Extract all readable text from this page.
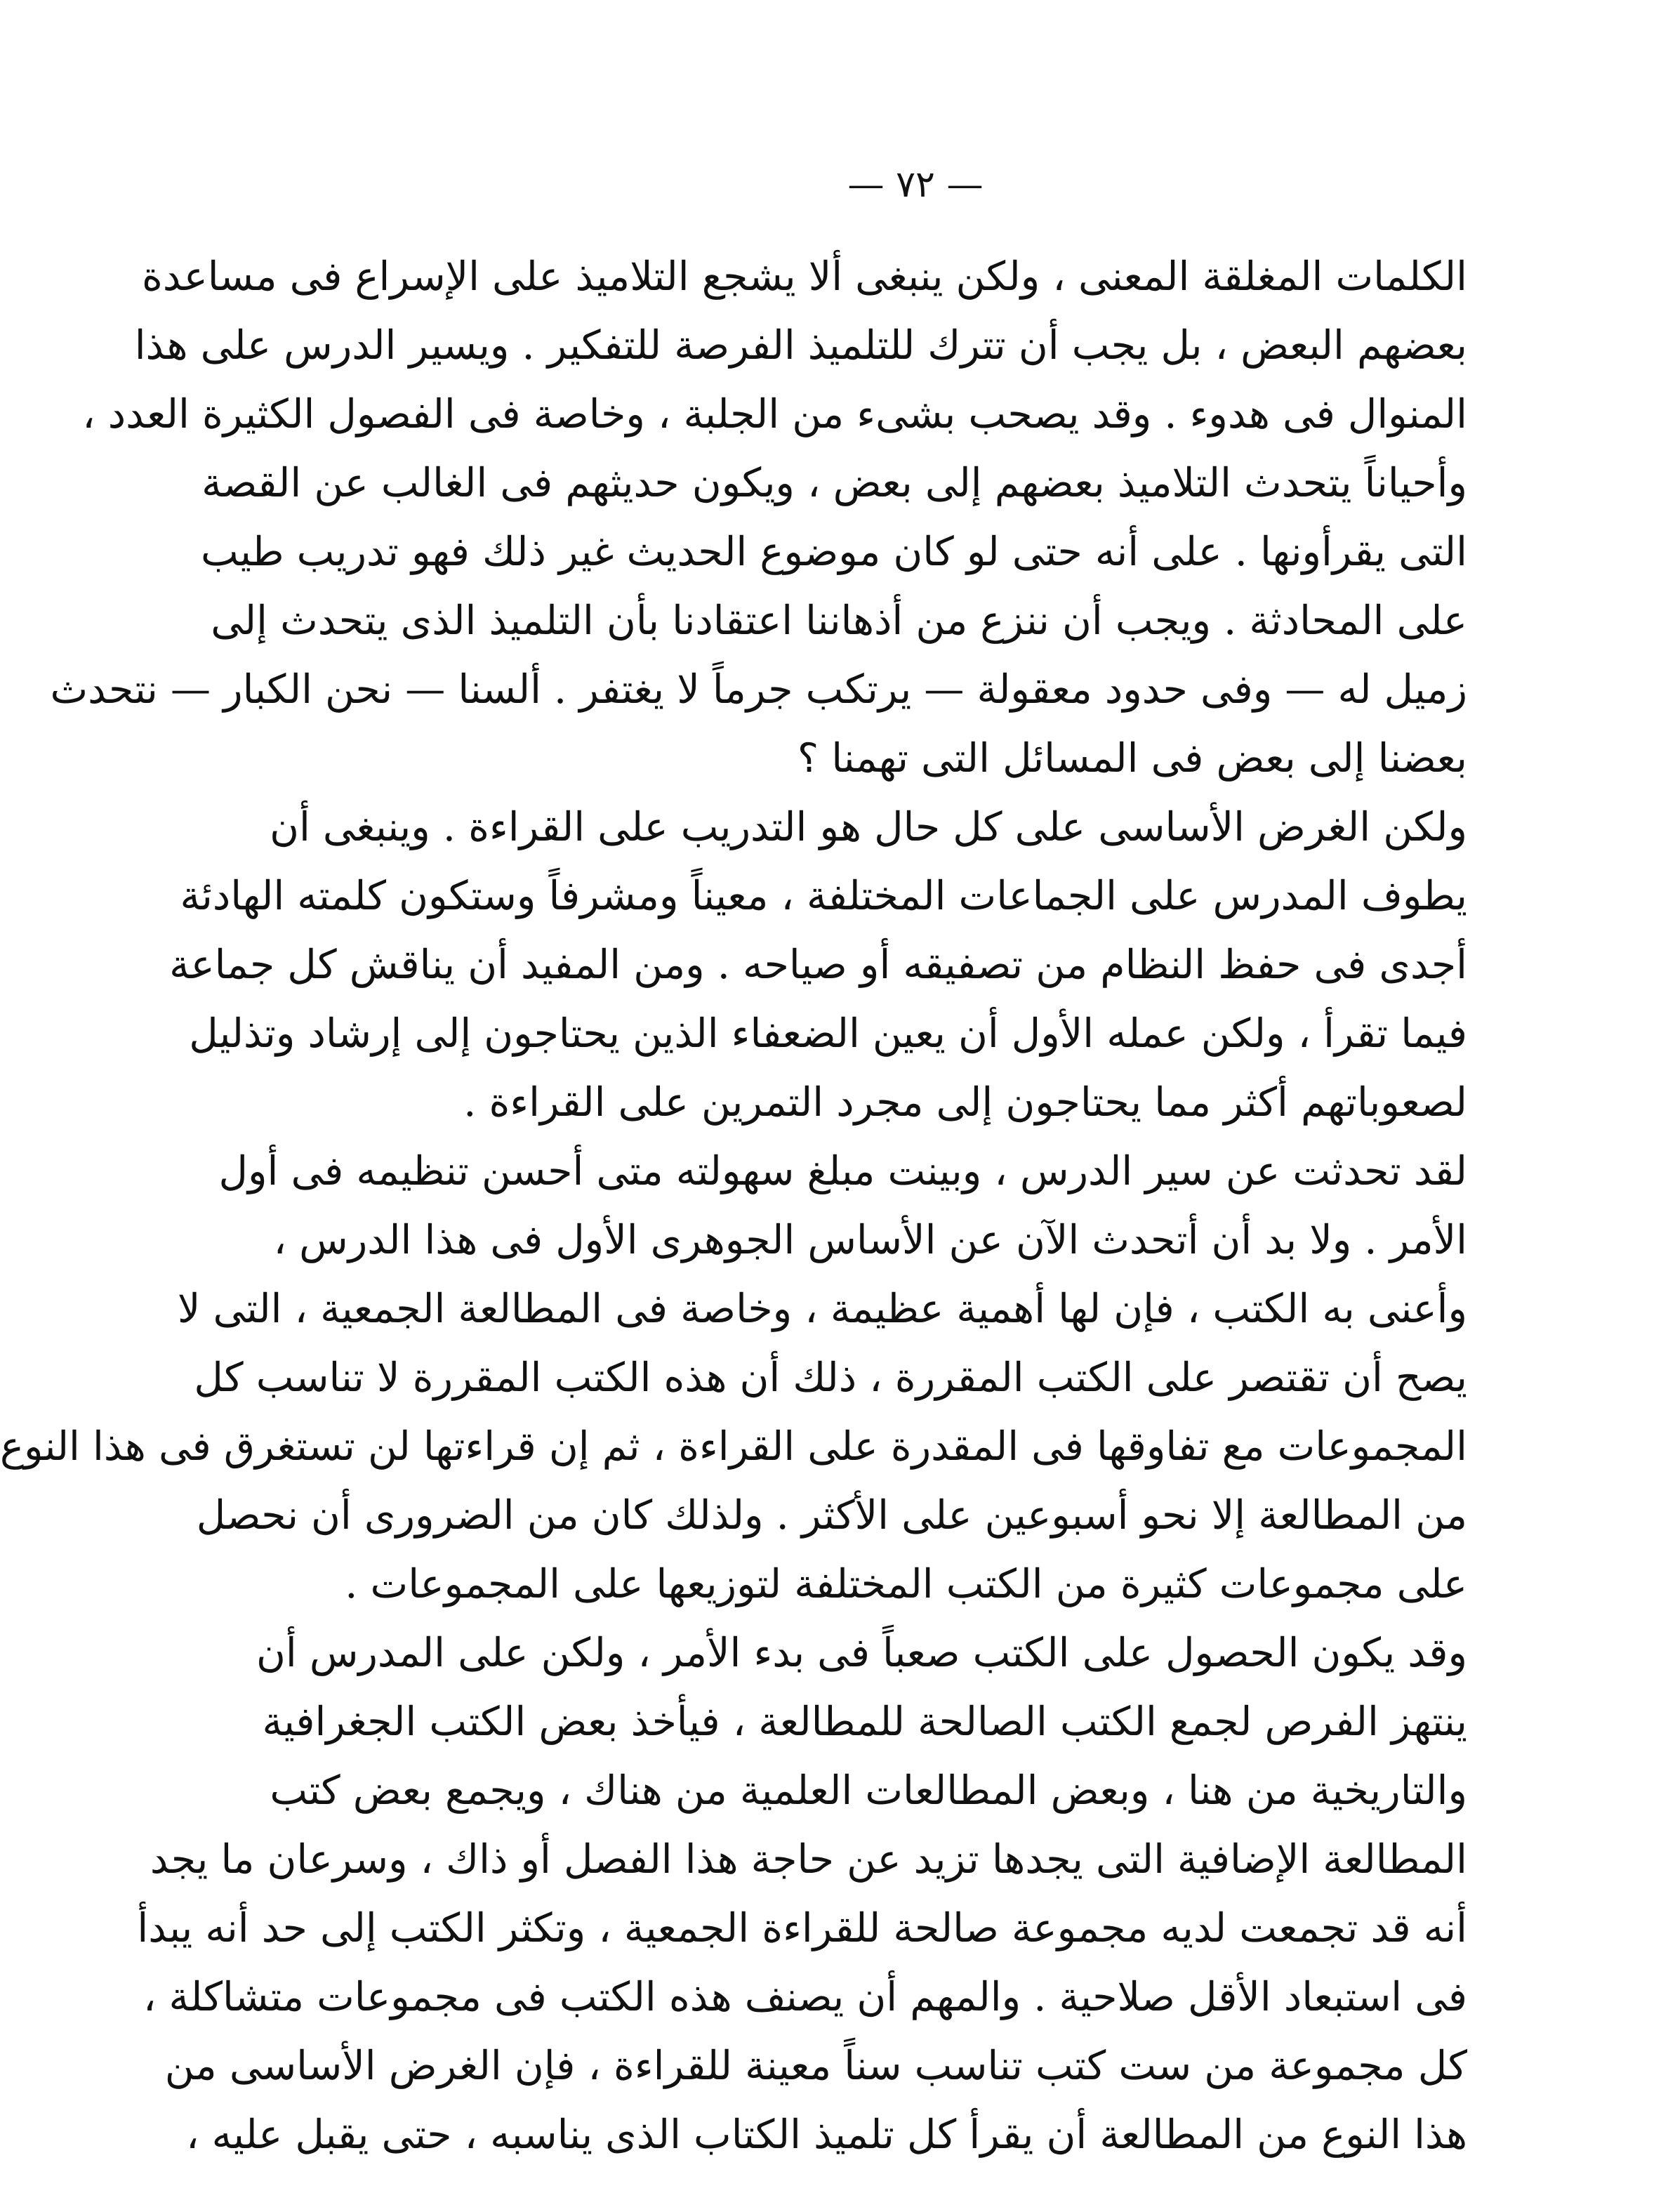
— ٧٢ —
الكلمات المغلقة المعنى ، ولكن ينبغى ألا يشجع التلاميذ على الإسراع فى مساعدة
بعضهم البعض ، بل يجب أن تترك للتلميذ الفرصة للتفكير . ويسير الدرس على هذا
المنوال فى هدوء . وقد يصحب بشىء من الجلبة ، وخاصة فى الفصول الكثيرة العدد ،
وأحياناً يتحدث التلاميذ بعضهم إلى بعض ، ويكون حديثهم فى الغالب عن القصة
التى يقرأونها . على أنه حتى لو كان موضوع الحديث غير ذلك فهو تدريب طيب
على المحادثة . ويجب أن ننزع من أذهاننا اعتقادنا بأن التلميذ الذى يتحدث إلى
زميل له — وفى حدود معقولة — يرتكب جرماً لا يغتفر . ألسنا — نحن الكبار — نتحدث
بعضنا إلى بعض فى المسائل التى تهمنا ؟
ولكن الغرض الأساسى على كل حال هو التدريب على القراءة . وينبغى أن
يطوف المدرس على الجماعات المختلفة ، معيناً ومشرفاً وستكون كلمته الهادئة
أجدى فى حفظ النظام من تصفيقه أو صياحه . ومن المفيد أن يناقش كل جماعة
فيما تقرأ ، ولكن عمله الأول أن يعين الضعفاء الذين يحتاجون إلى إرشاد وتذليل
لصعوباتهم أكثر مما يحتاجون إلى مجرد التمرين على القراءة .
لقد تحدثت عن سير الدرس ، وبينت مبلغ سهولته متى أحسن تنظيمه فى أول
الأمر . ولا بد أن أتحدث الآن عن الأساس الجوهرى الأول فى هذا الدرس ،
وأعنى به الكتب ، فإن لها أهمية عظيمة ، وخاصة فى المطالعة الجمعية ، التى لا
يصح أن تقتصر على الكتب المقررة ، ذلك أن هذه الكتب المقررة لا تناسب كل
المجموعات مع تفاوقها فى المقدرة على القراءة ، ثم إن قراءتها لن تستغرق فى هذا النوع
من المطالعة إلا نحو أسبوعين على الأكثر . ولذلك كان من الضرورى أن نحصل
على مجموعات كثيرة من الكتب المختلفة لتوزيعها على المجموعات .
وقد يكون الحصول على الكتب صعباً فى بدء الأمر ، ولكن على المدرس أن
ينتهز الفرص لجمع الكتب الصالحة للمطالعة ، فيأخذ بعض الكتب الجغرافية
والتاريخية من هنا ، وبعض المطالعات العلمية من هناك ، ويجمع بعض كتب
المطالعة الإضافية التى يجدها تزيد عن حاجة هذا الفصل أو ذاك ، وسرعان ما يجد
أنه قد تجمعت لديه مجموعة صالحة للقراءة الجمعية ، وتكثر الكتب إلى حد أنه يبدأ
فى استبعاد الأقل صلاحية . والمهم أن يصنف هذه الكتب فى مجموعات متشاكلة ،
كل مجموعة من ست كتب تناسب سناً معينة للقراءة ، فإن الغرض الأساسى من
هذا النوع من المطالعة أن يقرأ كل تلميذ الكتاب الذى يناسبه ، حتى يقبل عليه ،
